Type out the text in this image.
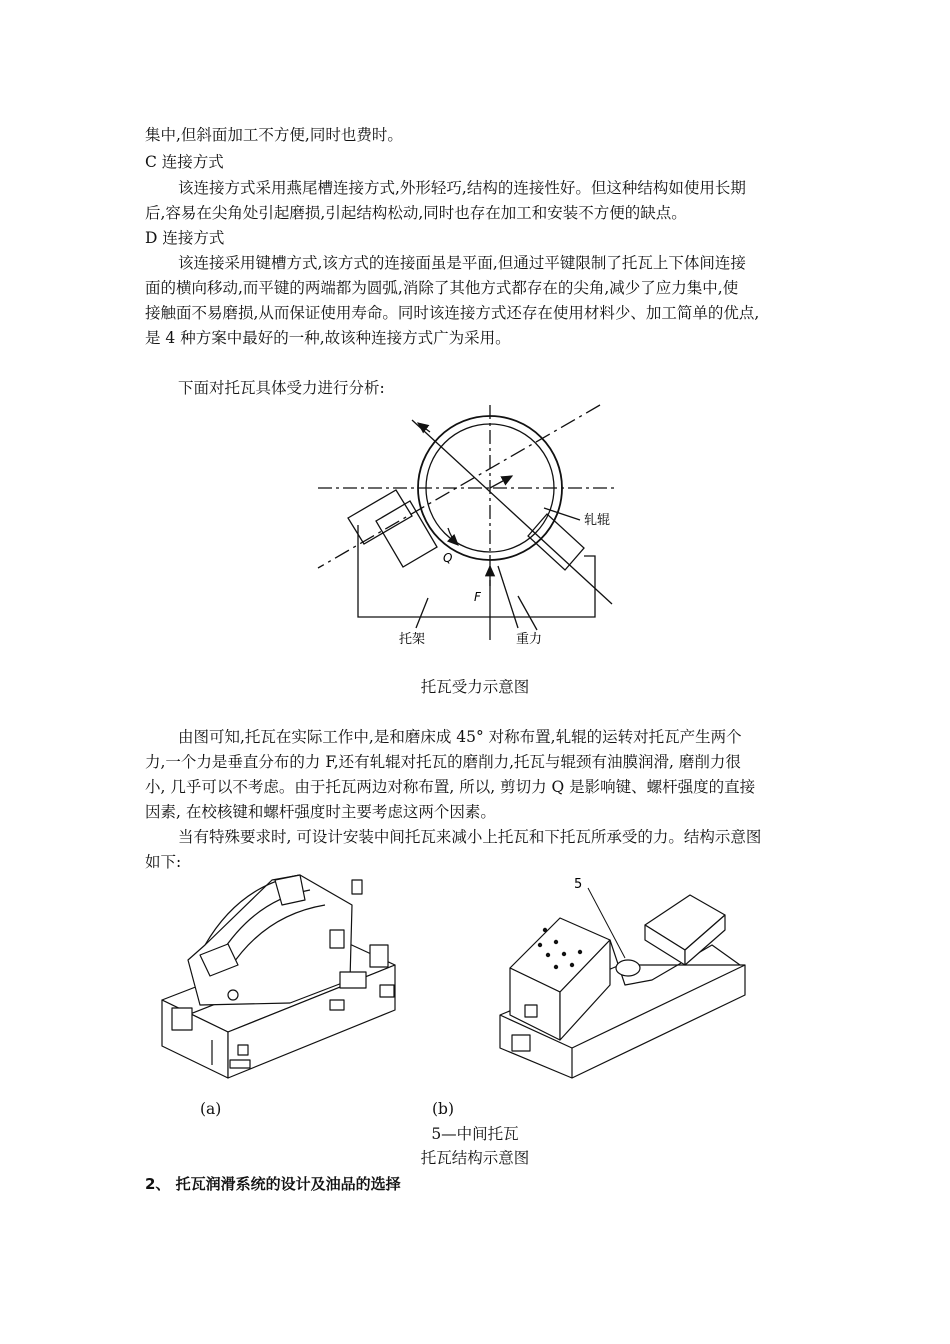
集中,但斜面加工不方便,同时也费时。
C 连接方式
该连接方式采用燕尾槽连接方式,外形轻巧,结构的连接性好。但这种结构如使用长期
后,容易在尖角处引起磨损,引起结构松动,同时也存在加工和安装不方便的缺点。
D 连接方式
该连接采用键槽方式,该方式的连接面虽是平面,但通过平键限制了托瓦上下体间连接
面的横向移动,而平键的两端都为圆弧,消除了其他方式都存在的尖角,减少了应力集中,使
接触面不易磨损,从而保证使用寿命。同时该连接方式还存在使用材料少、加工简单的优点,
是 4 种方案中最好的一种,故该种连接方式广为采用。
下面对托瓦具体受力进行分析:
轧辊
Q
F
托架	重力
托瓦受力示意图
由图可知,托瓦在实际工作中,是和磨床成 45° 对称布置,轧辊的运转对托瓦产生两个
力,一个力是垂直分布的力 F,还有轧辊对托瓦的磨削力,托瓦与辊颈有油膜润滑, 磨削力很
小, 几乎可以不考虑。由于托瓦两边对称布置, 所以, 剪切力 Q 是影响键、螺杆强度的直接
因素, 在校核键和螺杆强度时主要考虑这两个因素。
当有特殊要求时, 可设计安装中间托瓦来减小上托瓦和下托瓦所承受的力。结构示意图
如下:
5
(a)	(b)
5—中间托瓦
托瓦结构示意图
2、 托瓦润滑系统的设计及油品的选择
